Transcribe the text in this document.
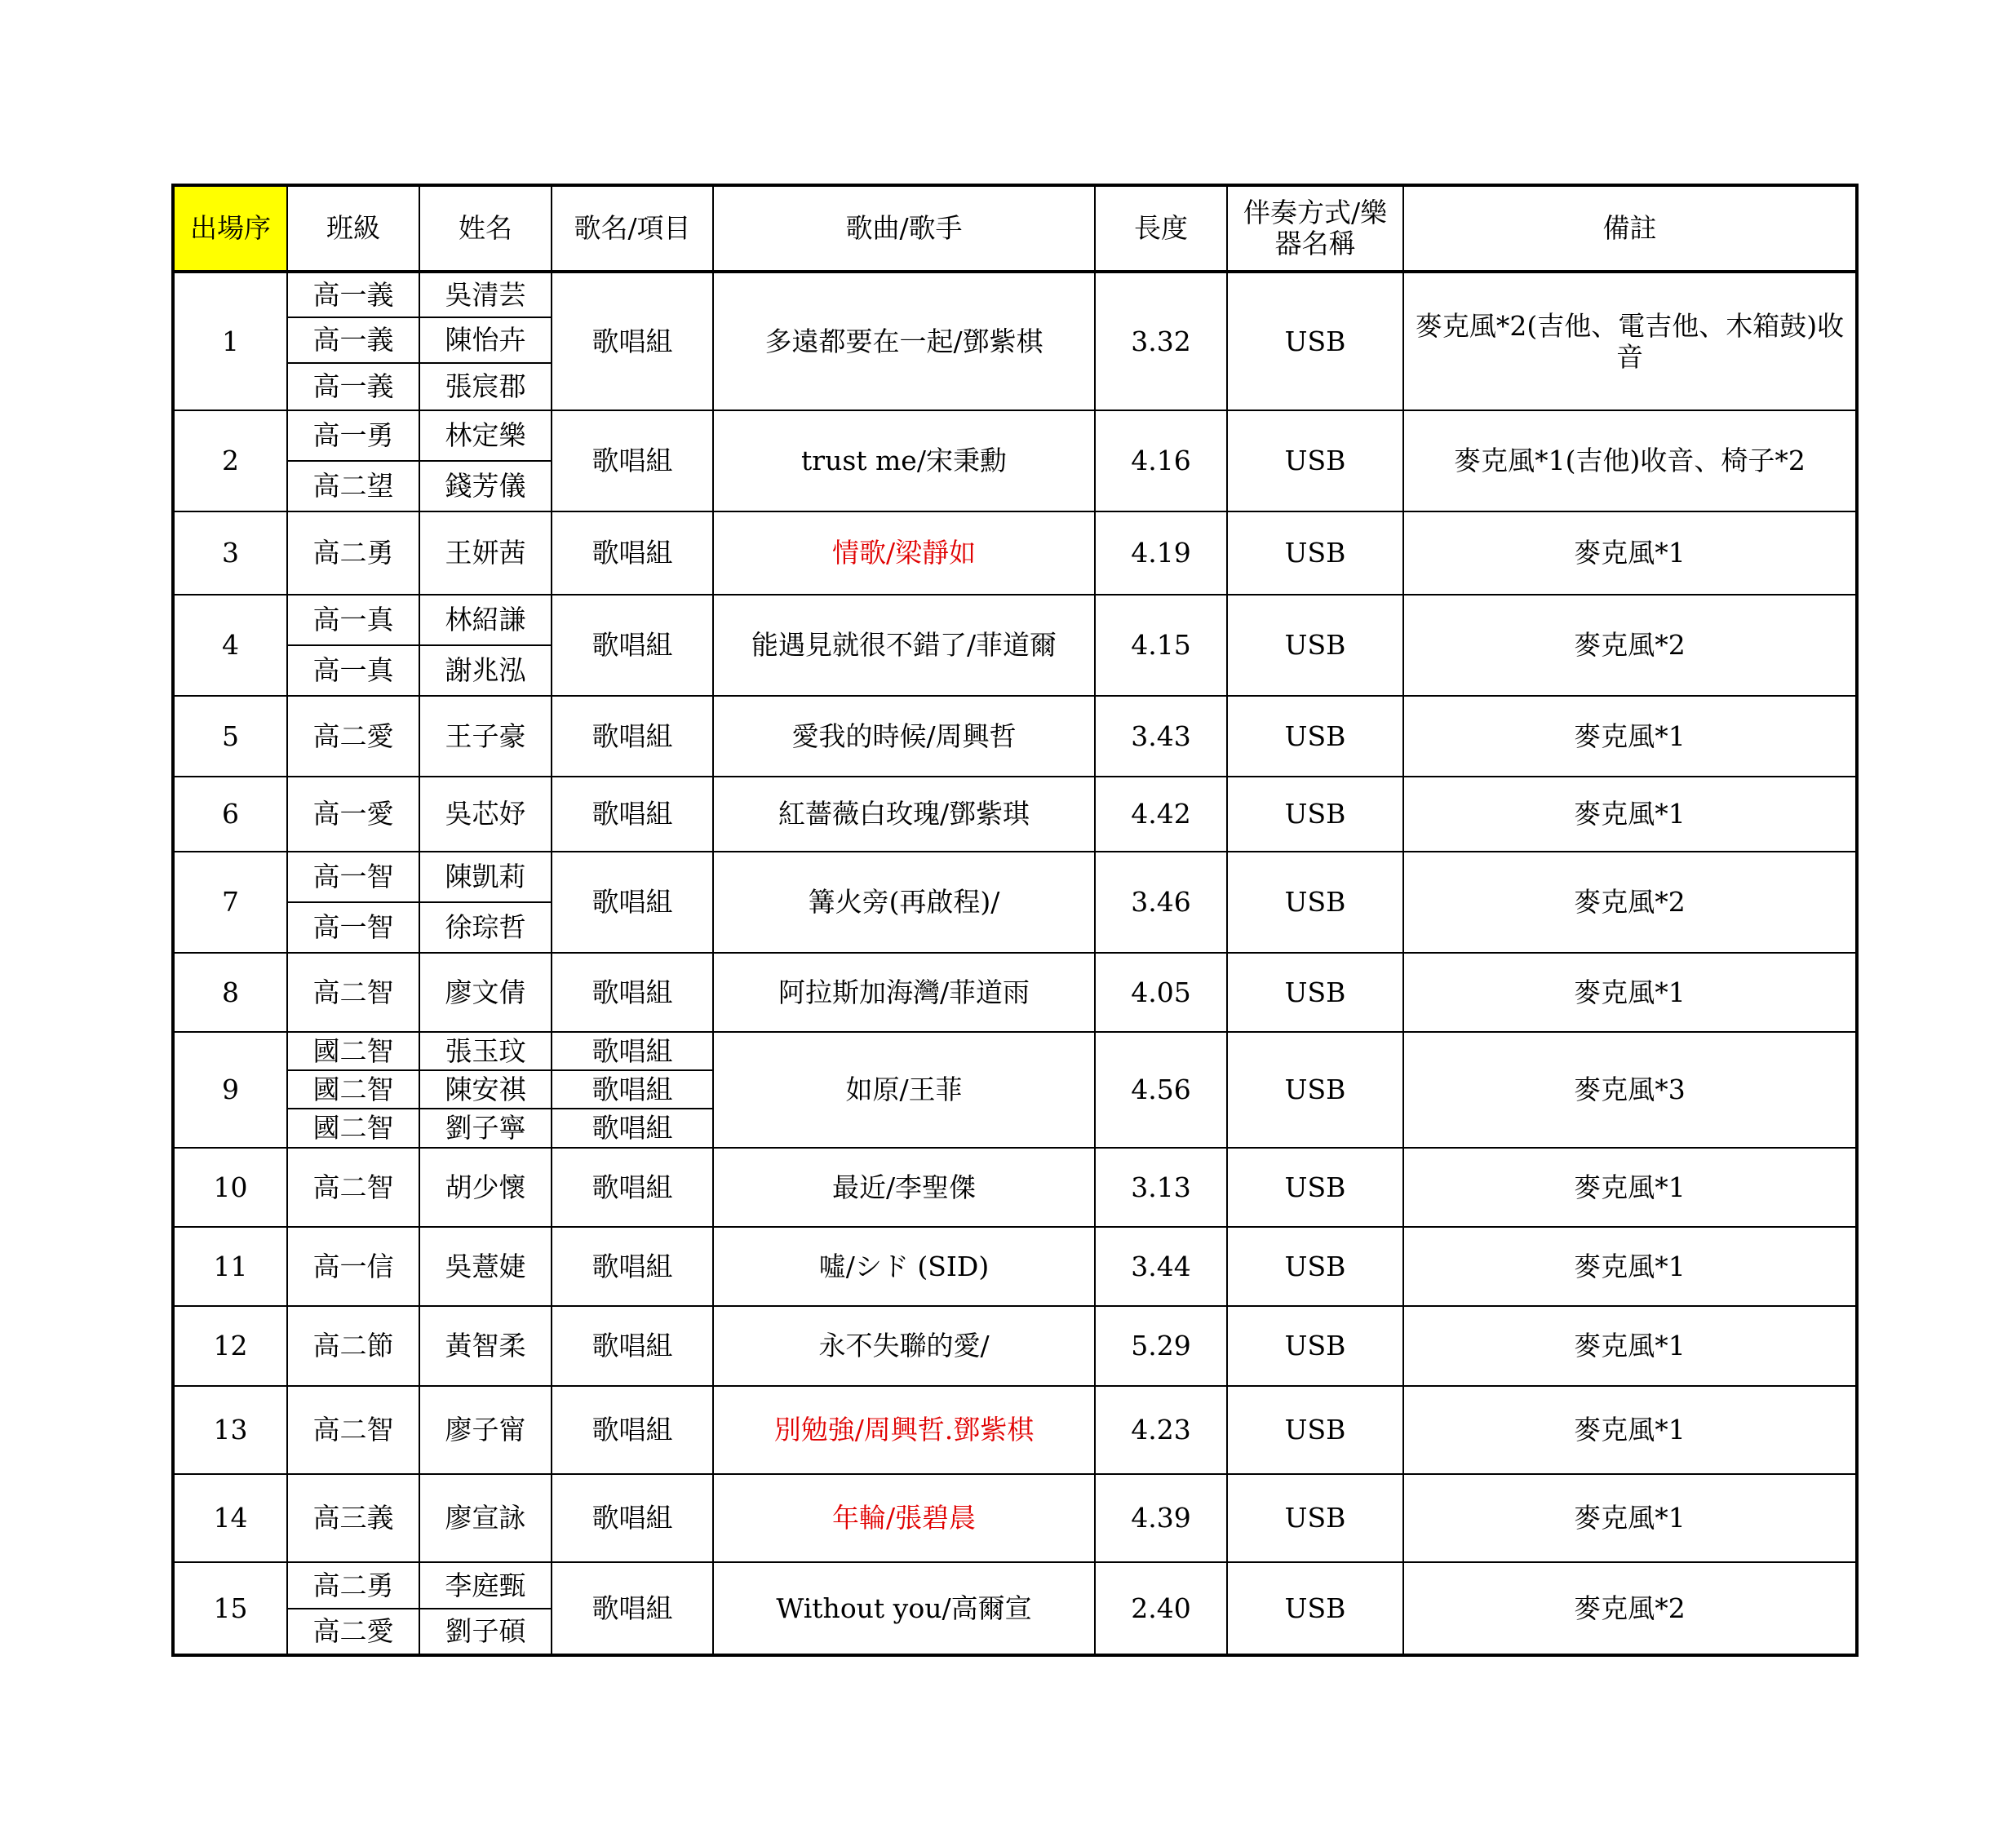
出場序	班級	姓名	歌名/項目	歌曲/歌手	長度	伴奏方式/樂器名稱	備註
1	高一義	吳清芸	歌唱組	多遠都要在一起/鄧紫棋	3.32	USB	麥克風*2(吉他、電吉他、木箱鼓)收音
	高一義	陳怡卉					
	高一義	張宸郡					
2	高一勇	林定樂	歌唱組	trust me/宋秉勳	4.16	USB	麥克風*1(吉他)收音、椅子*2
	高二望	錢芳儀					
3	高二勇	王妍茜	歌唱組	情歌/梁靜如	4.19	USB	麥克風*1
4	高一真	林紹謙	歌唱組	能遇見就很不錯了/菲道爾	4.15	USB	麥克風*2
	高一真	謝兆泓					
5	高二愛	王子豪	歌唱組	愛我的時候/周興哲	3.43	USB	麥克風*1
6	高一愛	吳芯妤	歌唱組	紅薔薇白玫瑰/鄧紫琪	4.42	USB	麥克風*1
7	高一智	陳凱莉	歌唱組	篝火旁(再啟程)/	3.46	USB	麥克風*2
	高一智	徐琮哲					
8	高二智	廖文倩	歌唱組	阿拉斯加海灣/菲道雨	4.05	USB	麥克風*1
9	國二智	張玉玟	歌唱組	如原/王菲	4.56	USB	麥克風*3
	國二智	陳安祺	歌唱組				
	國二智	劉子寧	歌唱組				
10	高二智	胡少懷	歌唱組	最近/李聖傑	3.13	USB	麥克風*1
11	高一信	吳薏婕	歌唱組	噓/シド (SID)	3.44	USB	麥克風*1
12	高二節	黃智柔	歌唱組	永不失聯的愛/	5.29	USB	麥克風*1
13	高二智	廖子甯	歌唱組	別勉強/周興哲.鄧紫棋	4.23	USB	麥克風*1
14	高三義	廖宣詠	歌唱組	年輪/張碧晨	4.39	USB	麥克風*1
15	高二勇	李庭甄	歌唱組	Without you/高爾宣	2.40	USB	麥克風*2
	高二愛	劉子碩					
